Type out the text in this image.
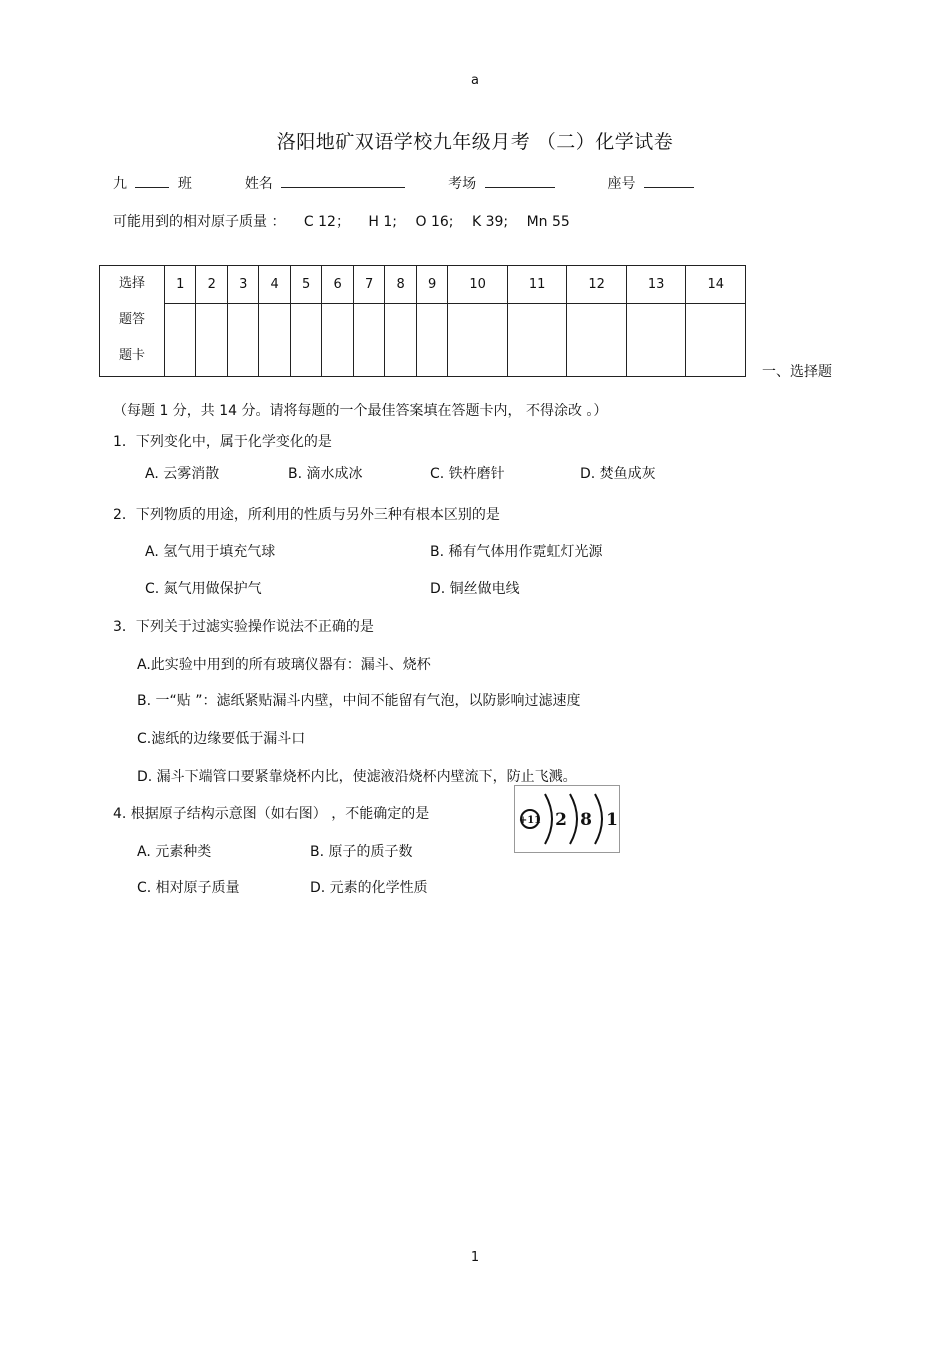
a
洛阳地矿双语学校九年级月考 （二）化学试卷
九	班	姓名	考场	座号
可能用到的相对原子质量 ： C 12； H 1; O 16; K 39; Mn 55
选择
题答
题卡	1	2	3	4	5	6	7	8	9	10	11	12	13	14

一、选择题
（每题 1 分，共 14 分。请将每题的一个最佳答案填在答题卡内， 不得涂改 。）
1．下列变化中，属于化学变化的是
A. 云雾消散	B. 滴水成冰	C. 铁杵磨针	D. 焚鱼成灰
2．下列物质的用途，所利用的性质与另外三种有根本区别的是
A. 氢气用于填充气球	B. 稀有气体用作霓虹灯光源
C. 氮气用做保护气	D. 铜丝做电线
3．下列关于过滤实验操作说法不正确的是
A.此实验中用到的所有玻璃仪器有：漏斗、烧杯
B. 一“贴 ”：滤纸紧贴漏斗内壁，中间不能留有气泡，以防影响过滤速度
C.滤纸的边缘要低于漏斗口
D. 漏斗下端管口要紧靠烧杯内比，使滤液沿烧杯内壁流下，防止飞溅。
4. 根据原子结构示意图（如右图） ，不能确定的是
A. 元素种类	B. 原子的质子数
C. 相对原子质量	D. 元素的化学性质
+11 2 8 1
1
